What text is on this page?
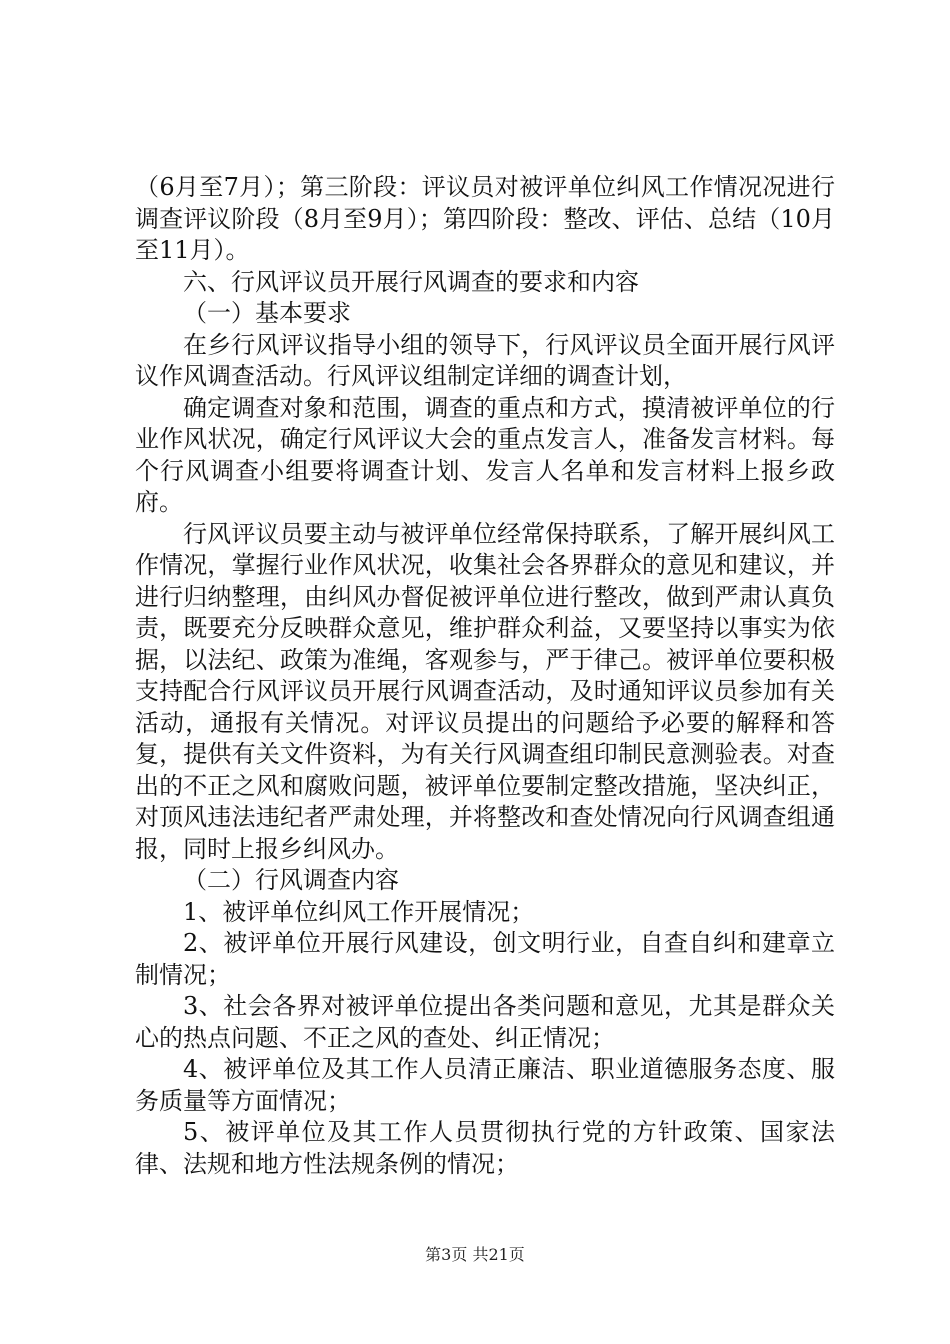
（6月至7月）；第三阶段：评议员对被评单位纠风工作情况况进行调查评议阶段（8月至9月）；第四阶段：整改、评估、总结（10月至11月）。

六、行风评议员开展行风调查的要求和内容

（一）基本要求

在乡行风评议指导小组的领导下，行风评议员全面开展行风评议作风调查活动。行风评议组制定详细的调查计划，

确定调查对象和范围，调查的重点和方式，摸清被评单位的行业作风状况，确定行风评议大会的重点发言人，准备发言材料。每个行风调查小组要将调查计划、发言人名单和发言材料上报乡政府。

行风评议员要主动与被评单位经常保持联系，了解开展纠风工作情况，掌握行业作风状况，收集社会各界群众的意见和建议，并进行归纳整理，由纠风办督促被评单位进行整改，做到严肃认真负责，既要充分反映群众意见，维护群众利益，又要坚持以事实为依据，以法纪、政策为准绳，客观参与，严于律己。被评单位要积极支持配合行风评议员开展行风调查活动，及时通知评议员参加有关活动，通报有关情况。对评议员提出的问题给予必要的解释和答复，提供有关文件资料，为有关行风调查组印制民意测验表。对查出的不正之风和腐败问题，被评单位要制定整改措施，坚决纠正，对顶风违法违纪者严肃处理，并将整改和查处情况向行风调查组通报，同时上报乡纠风办。

（二）行风调查内容

1、被评单位纠风工作开展情况；

2、被评单位开展行风建设，创文明行业，自查自纠和建章立制情况；

3、社会各界对被评单位提出各类问题和意见，尤其是群众关心的热点问题、不正之风的查处、纠正情况；

4、被评单位及其工作人员清正廉洁、职业道德服务态度、服务质量等方面情况；

5、被评单位及其工作人员贯彻执行党的方针政策、国家法律、法规和地方性法规条例的情况；

第3页 共21页
